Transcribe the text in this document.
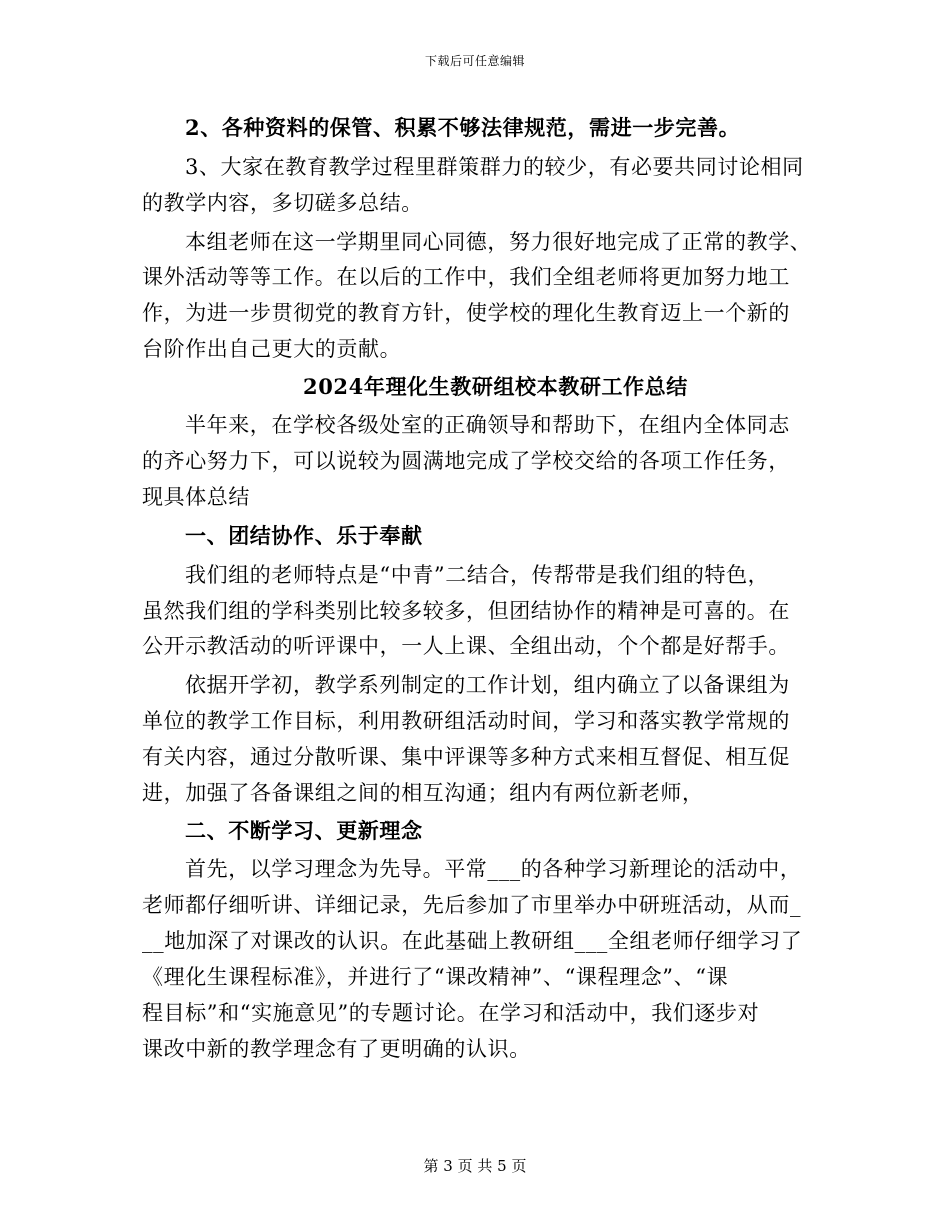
下载后可任意编辑
2、各种资料的保管、积累不够法律规范，需进一步完善。
3、大家在教育教学过程里群策群力的较少，有必要共同讨论相同
的教学内容，多切磋多总结。
本组老师在这一学期里同心同德，努力很好地完成了正常的教学、
课外活动等等工作。在以后的工作中，我们全组老师将更加努力地工
作，为进一步贯彻党的教育方针，使学校的理化生教育迈上一个新的
台阶作出自己更大的贡献。
2024年理化生教研组校本教研工作总结
半年来，在学校各级处室的正确领导和帮助下，在组内全体同志
的齐心努力下，可以说较为圆满地完成了学校交给的各项工作任务，
现具体总结
一、团结协作、乐于奉献
我们组的老师特点是“中青”二结合，传帮带是我们组的特色，
虽然我们组的学科类别比较多较多，但团结协作的精神是可喜的。在
公开示教活动的听评课中，一人上课、全组出动，个个都是好帮手。
依据开学初，教学系列制定的工作计划，组内确立了以备课组为
单位的教学工作目标，利用教研组活动时间，学习和落实教学常规的
有关内容，通过分散听课、集中评课等多种方式来相互督促、相互促
进，加强了各备课组之间的相互沟通；组内有两位新老师，
二、不断学习、更新理念
首先，以学习理念为先导。平常___的各种学习新理论的活动中，
老师都仔细听讲、详细记录，先后参加了市里举办中研班活动，从而_
__地加深了对课改的认识。在此基础上教研组___全组老师仔细学习了
《理化生课程标准》，并进行了“课改精神”、“课程理念”、“课
程目标”和“实施意见”的专题讨论。在学习和活动中，我们逐步对
课改中新的教学理念有了更明确的认识。
第 3 页 共 5 页
